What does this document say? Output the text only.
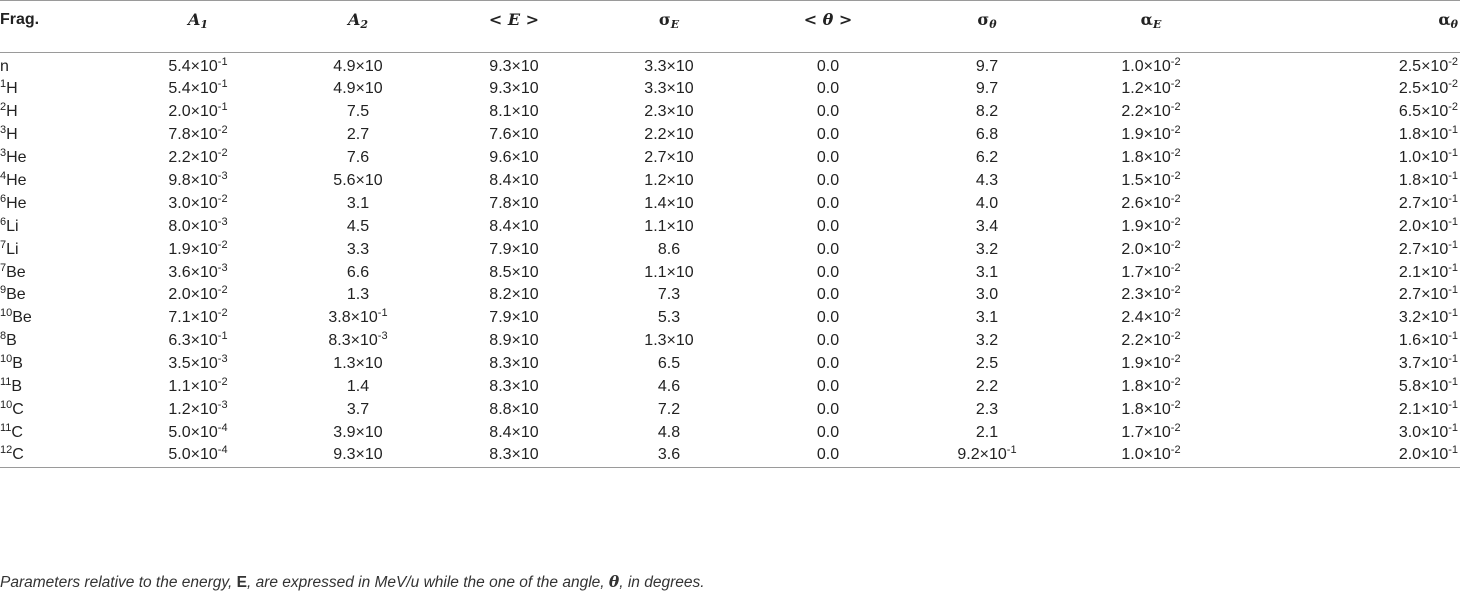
Frag.	$A_1$	$A_2$	< E >	$\sigma_E$	< θ >	$\sigma_\theta$	$\alpha_E$	$\alpha_\theta$
n	$5.4\times 10^{-1}$	4.9×10	9.3×10	3.3×10	0.0	9.7	$1.0\times 10^{-2}$	$2.5\times 10^{-2}$
$^1$H	$5.4\times 10^{-1}$	4.9×10	9.3×10	3.3×10	0.0	9.7	$1.2\times 10^{-2}$	$2.5\times 10^{-2}$
$^2$H	$2.0\times 10^{-1}$	7.5	8.1×10	2.3×10	0.0	8.2	$2.2\times 10^{-2}$	$6.5\times 10^{-2}$
$^3$H	$7.8\times 10^{-2}$	2.7	7.6×10	2.2×10	0.0	6.8	$1.9\times 10^{-2}$	$1.8\times 10^{-1}$
$^3$He	$2.2\times 10^{-2}$	7.6	9.6×10	2.7×10	0.0	6.2	$1.8\times 10^{-2}$	$1.0\times 10^{-1}$
$^4$He	$9.8\times 10^{-3}$	5.6×10	8.4×10	1.2×10	0.0	4.3	$1.5\times 10^{-2}$	$1.8\times 10^{-1}$
$^6$He	$3.0\times 10^{-2}$	3.1	7.8×10	1.4×10	0.0	4.0	$2.6\times 10^{-2}$	$2.7\times 10^{-1}$
$^6$Li	$8.0\times 10^{-3}$	4.5	8.4×10	1.1×10	0.0	3.4	$1.9\times 10^{-2}$	$2.0\times 10^{-1}$
$^7$Li	$1.9\times 10^{-2}$	3.3	7.9×10	8.6	0.0	3.2	$2.0\times 10^{-2}$	$2.7\times 10^{-1}$
$^7$Be	$3.6\times 10^{-3}$	6.6	8.5×10	1.1×10	0.0	3.1	$1.7\times 10^{-2}$	$2.1\times 10^{-1}$
$^9$Be	$2.0\times 10^{-2}$	1.3	8.2×10	7.3	0.0	3.0	$2.3\times 10^{-2}$	$2.7\times 10^{-1}$
$^{10}$Be	$7.1\times 10^{-2}$	$3.8\times 10^{-1}$	7.9×10	5.3	0.0	3.1	$2.4\times 10^{-2}$	$3.2\times 10^{-1}$
$^8$B	$6.3\times 10^{-1}$	$8.3\times 10^{-3}$	8.9×10	1.3×10	0.0	3.2	$2.2\times 10^{-2}$	$1.6\times 10^{-1}$
$^{10}$B	$3.5\times 10^{-3}$	1.3×10	8.3×10	6.5	0.0	2.5	$1.9\times 10^{-2}$	$3.7\times 10^{-1}$
$^{11}$B	$1.1\times 10^{-2}$	1.4	8.3×10	4.6	0.0	2.2	$1.8\times 10^{-2}$	$5.8\times 10^{-1}$
$^{10}$C	$1.2\times 10^{-3}$	3.7	8.8×10	7.2	0.0	2.3	$1.8\times 10^{-2}$	$2.1\times 10^{-1}$
$^{11}$C	$5.0\times 10^{-4}$	3.9×10	8.4×10	4.8	0.0	2.1	$1.7\times 10^{-2}$	$3.0\times 10^{-1}$
$^{12}$C	$5.0\times 10^{-4}$	9.3×10	8.3×10	3.6	0.0	$9.2\times 10^{-1}$	$1.0\times 10^{-2}$	$2.0\times 10^{-1}$
Parameters relative to the energy, E, are expressed in MeV/u while the one of the angle, θ, in degrees.
